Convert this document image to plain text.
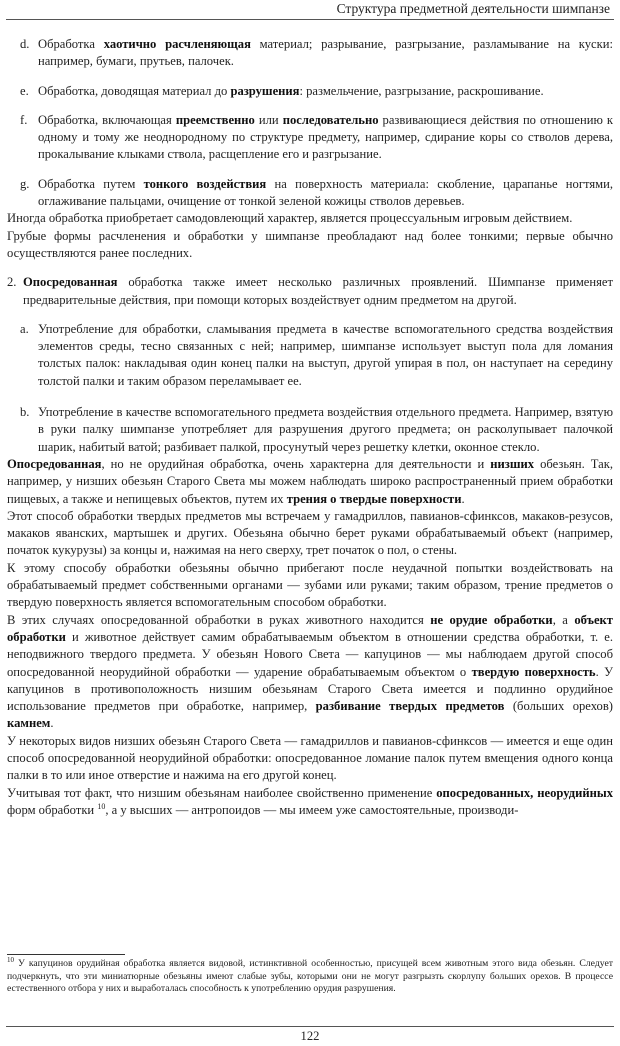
Структура предметной деятельности шимпанзе
d. Обработка хаотично расчленяющая материал; разрывание, разгрызание, разламывание на куски: например, бумаги, прутьев, палочек.
e. Обработка, доводящая материал до разрушения: размельчение, разгрызание, раскрошивание.
f. Обработка, включающая преемственно или последовательно развивающиеся действия по отношению к одному и тому же неоднородному по структуре предмету, например, сдирание коры со стволов дерева, прокалывание клыками ствола, расщепление его и разгрызание.
g. Обработка путем тонкого воздействия на поверхность материала: скобление, царапанье ногтями, оглаживание пальцами, очищение от тонкой зеленой кожицы стволов деревьев.

Иногда обработка приобретает самодовлеющий характер, является процессуальным игровым действием.

Грубые формы расчленения и обработки у шимпанзе преобладают над более тонкими; первые обычно осуществляются ранее последних.

2. Опосредованная обработка также имеет несколько различных проявлений. Шимпанзе применяет предварительные действия, при помощи которых воздействует одним предметом на другой.
a. Употребление для обработки, сламывания предмета в качестве вспомогательного средства воздействия элементов среды, тесно связанных с ней; например, шимпанзе использует выступ пола для ломания толстых палок: накладывая один конец палки на выступ, другой упирая в пол, он наступает на середину толстой палки и таким образом переламывает ее.
b. Употребление в качестве вспомогательного предмета воздействия отдельного предмета. Например, взятую в руки палку шимпанзе употребляет для разрушения другого предмета; он расколупывает палочкой шарик, набитый ватой; разбивает палкой, просунутый через решетку клетки, оконное стекло.

Опосредованная, но не орудийная обработка, очень характерна для деятельности и низших обезьян. Так, например, у низших обезьян Старого Света мы можем наблюдать широко распространенный прием обработки пищевых, а также и непищевых объектов, путем их трения о твердые поверхности.

Этот способ обработки твердых предметов мы встречаем у гамадриллов, павианов-сфинксов, макаков-резусов, макаков яванских, мартышек и других. Обезьяна обычно берет руками обрабатываемый объект (например, початок кукурузы) за концы и, нажимая на него сверху, трет початок о пол, о стены.

К этому способу обработки обезьяны обычно прибегают после неудачной попытки воздействовать на обрабатываемый предмет собственными органами — зубами или руками; таким образом, трение предметов о твердую поверхность является вспомогательным способом обработки.

В этих случаях опосредованной обработки в руках животного находится не орудие обработки, а объект обработки и животное действует самим обрабатываемым объектом в отношении средства обработки, т. е. неподвижного твердого предмета. У обезьян Нового Света — капуцинов — мы наблюдаем другой способ опосредованной неорудийной обработки — ударение обрабатываемым объектом о твердую поверхность. У капуцинов в противоположность низшим обезьянам Старого Света имеется и подлинно орудийное использование предметов при обработке, например, разбивание твердых предметов (больших орехов) камнем.

У некоторых видов низших обезьян Старого Света — гамадриллов и павианов-сфинксов — имеется и еще один способ опосредованной неорудийной обработки: опосредованное ломание палок путем вмещения одного конца палки в то или иное отверстие и нажима на его другой конец.

Учитывая тот факт, что низшим обезьянам наиболее свойственно применение опосредованных, неорудийных форм обработки $^{10}$, а у высших — антропоидов — мы имеем уже самостоятельные, производи-

$^{10}$ У капуцинов орудийная обработка является видовой, истинктивной особенностью, присущей всем животным этого вида обезьян. Следует подчеркнуть, что эти миниатюрные обезьяны имеют слабые зубы, которыми они не могут разгрызть скорлупу больших орехов. В процессе естественного отбора у них и выработалась способность к употреблению орудия разрушения.
122
